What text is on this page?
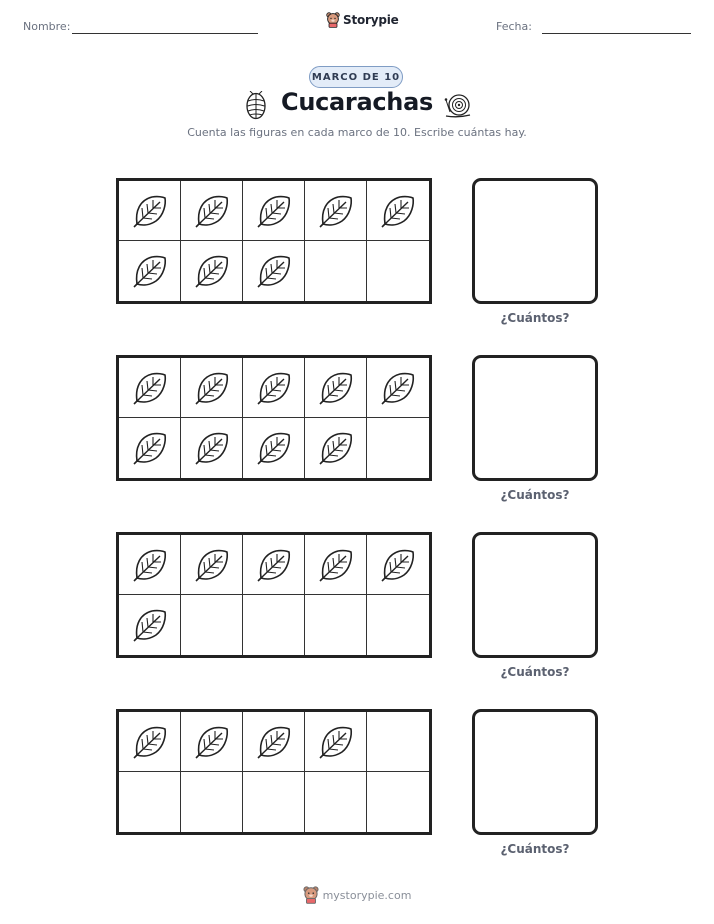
Nombre:	Storypie	Fecha:
MARCO DE 10
Cucarachas
Cuenta las figuras en cada marco de 10. Escribe cuántas hay.
¿Cuántos?
¿Cuántos?
¿Cuántos?
¿Cuántos?
mystorypie.com
